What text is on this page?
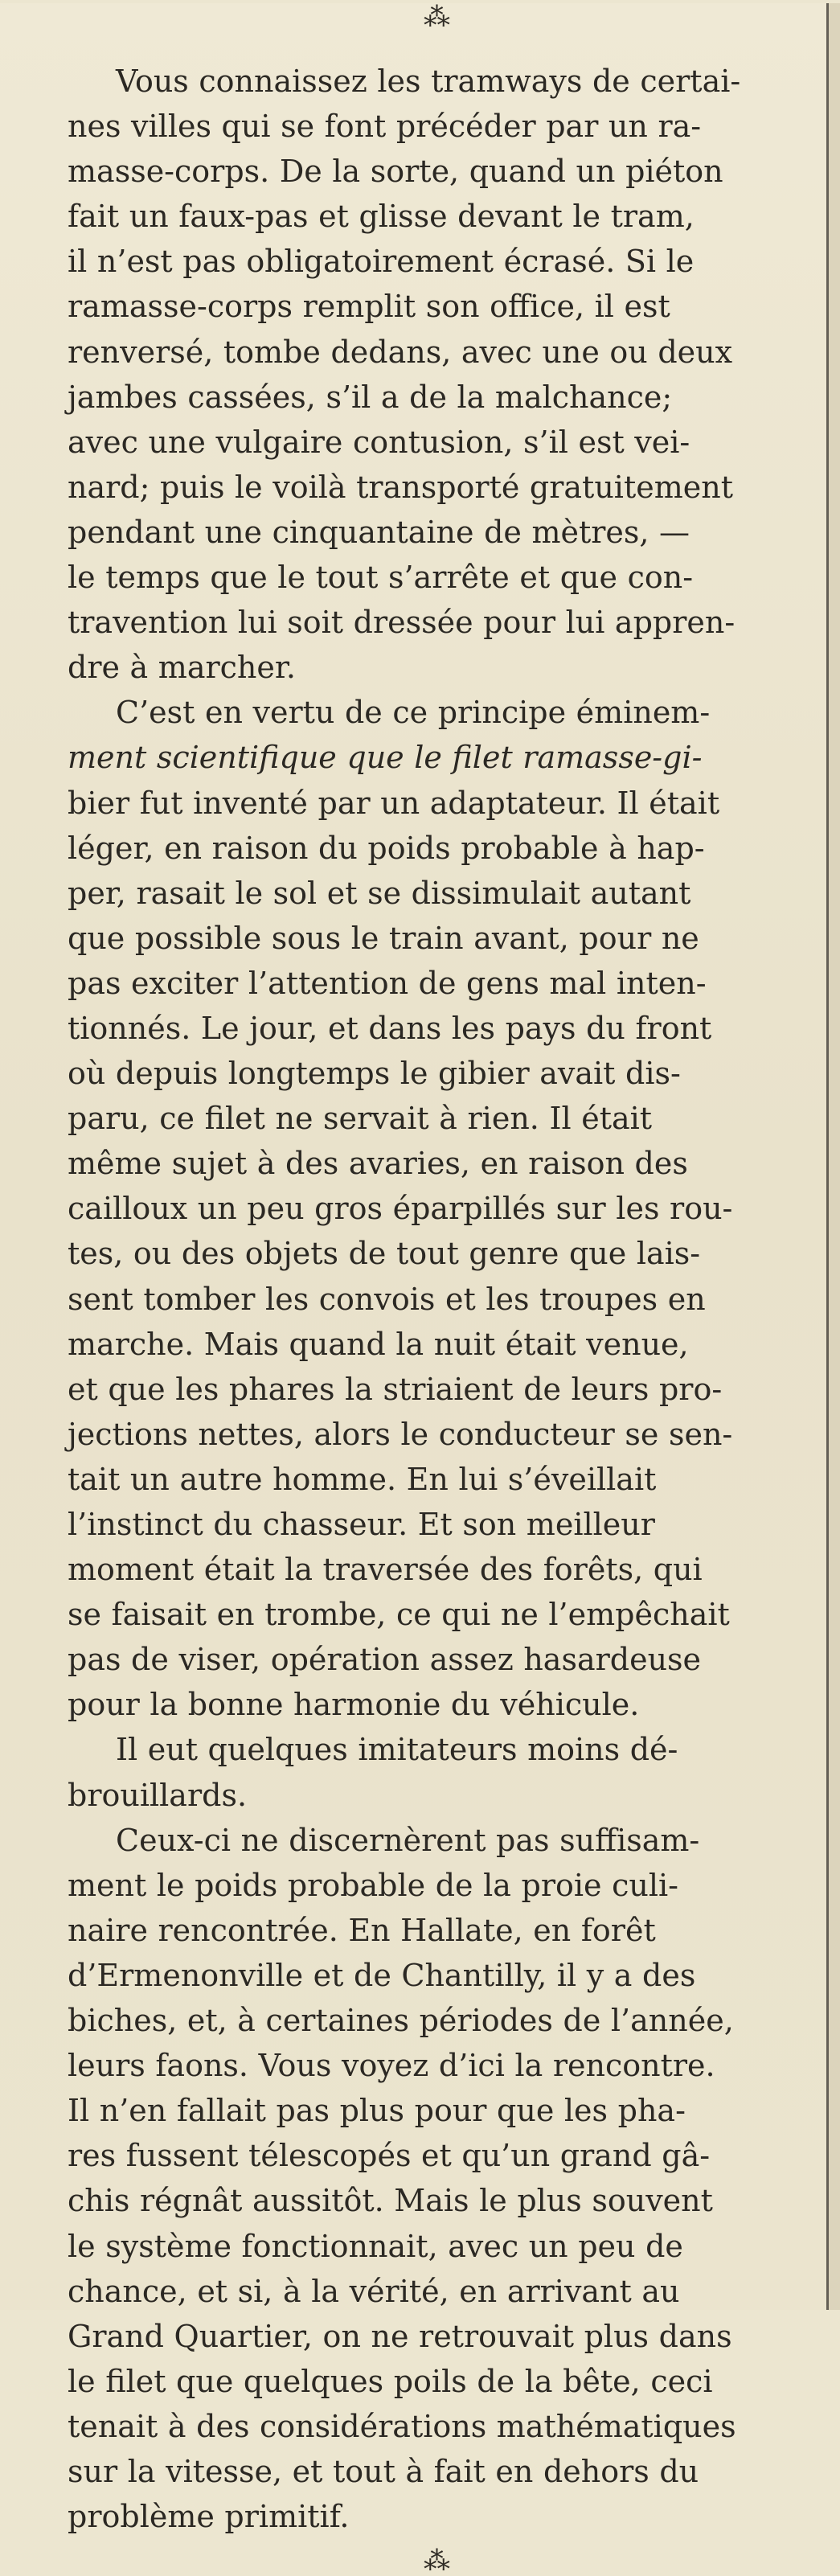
⁂

Vous connaissez les tramways de certai-
nes villes qui se font précéder par un ra-
masse-corps. De la sorte, quand un piéton
fait un faux-pas et glisse devant le tram,
il n’est pas obligatoirement écrasé. Si le
ramasse-corps remplit son office, il est
renversé, tombe dedans, avec une ou deux
jambes cassées, s’il a de la malchance;
avec une vulgaire contusion, s’il est vei-
nard; puis le voilà transporté gratuitement
pendant une cinquantaine de mètres, —
le temps que le tout s’arrête et que con-
travention lui soit dressée pour lui appren-
dre à marcher.

C’est en vertu de ce principe éminem-
ment scientifique que le filet ramasse-gi-
bier fut inventé par un adaptateur. Il était
léger, en raison du poids probable à hap-
per, rasait le sol et se dissimulait autant
que possible sous le train avant, pour ne
pas exciter l’attention de gens mal inten-
tionnés. Le jour, et dans les pays du front
où depuis longtemps le gibier avait dis-
paru, ce filet ne servait à rien. Il était
même sujet à des avaries, en raison des
cailloux un peu gros éparpillés sur les rou-
tes, ou des objets de tout genre que lais-
sent tomber les convois et les troupes en
marche. Mais quand la nuit était venue,
et que les phares la striaient de leurs pro-
jections nettes, alors le conducteur se sen-
tait un autre homme. En lui s’éveillait
l’instinct du chasseur. Et son meilleur
moment était la traversée des forêts, qui
se faisait en trombe, ce qui ne l’empêchait
pas de viser, opération assez hasardeuse
pour la bonne harmonie du véhicule.

Il eut quelques imitateurs moins dé-
brouillards.

Ceux-ci ne discernèrent pas suffisam-
ment le poids probable de la proie culi-
naire rencontrée. En Hallate, en forêt
d’Ermenonville et de Chantilly, il y a des
biches, et, à certaines périodes de l’année,
leurs faons. Vous voyez d’ici la rencontre.
Il n’en fallait pas plus pour que les pha-
res fussent télescopés et qu’un grand gâ-
chis régnât aussitôt. Mais le plus souvent
le système fonctionnait, avec un peu de
chance, et si, à la vérité, en arrivant au
Grand Quartier, on ne retrouvait plus dans
le filet que quelques poils de la bête, ceci
tenait à des considérations mathématiques
sur la vitesse, et tout à fait en dehors du
problème primitif.

⁂
